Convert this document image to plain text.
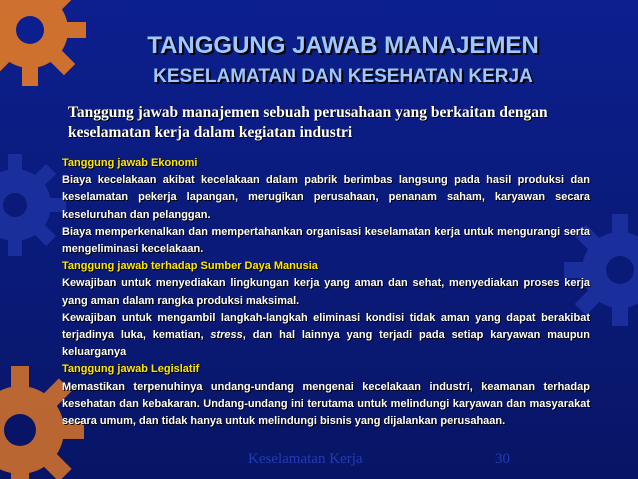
TANGGUNG JAWAB MANAJEMEN
KESELAMATAN DAN KESEHATAN KERJA
Tanggung jawab manajemen sebuah perusahaan yang berkaitan dengan keselamatan kerja dalam kegiatan industri

Tanggung jawab Ekonomi

Biaya kecelakaan akibat kecelakaan dalam pabrik berimbas langsung pada hasil produksi dan keselamatan pekerja lapangan, merugikan perusahaan, penanam saham, karyawan secara keseluruhan dan pelanggan.

Biaya memperkenalkan dan mempertahankan organisasi keselamatan kerja untuk mengurangi serta mengeliminasi kecelakaan.

Tanggung jawab terhadap Sumber Daya Manusia

Kewajiban untuk menyediakan lingkungan kerja yang aman dan sehat, menyediakan proses kerja yang aman dalam rangka produksi maksimal.

Kewajiban untuk mengambil langkah-langkah eliminasi kondisi tidak aman yang dapat berakibat terjadinya luka, kematian, stress, dan hal lainnya yang terjadi pada setiap karyawan maupun keluarganya

Tanggung jawab Legislatif

Memastikan terpenuhinya undang-undang mengenai kecelakaan industri, keamanan terhadap kesehatan dan kebakaran. Undang-undang ini terutama untuk melindungi karyawan dan masyarakat secara umum, dan tidak hanya untuk melindungi bisnis yang dijalankan perusahaan.

Keselamatan Kerja	30
